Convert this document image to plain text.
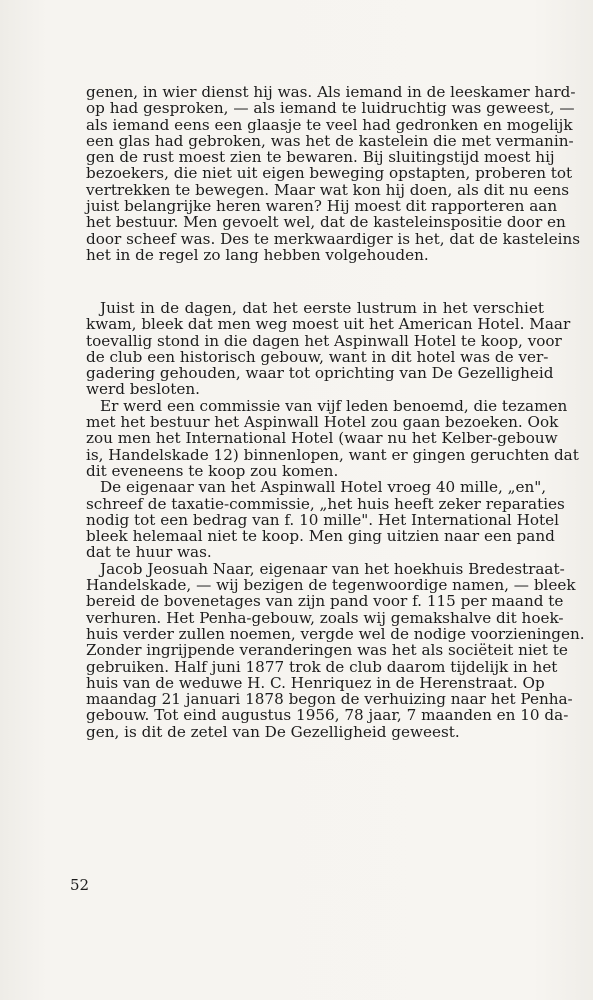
genen, in wier dienst hij was. Als iemand in de leeskamer hard-
op had gesproken, — als iemand te luidruchtig was geweest, —
als iemand eens een glaasje te veel had gedronken en mogelijk
een glas had gebroken, was het de kastelein die met vermanin-
gen de rust moest zien te bewaren. Bij sluitingstijd moest hij
bezoekers, die niet uit eigen beweging opstapten, proberen tot
vertrekken te bewegen. Maar wat kon hij doen, als dit nu eens
juist belangrijke heren waren? Hij moest dit rapporteren aan
het bestuur. Men gevoelt wel, dat de kasteleinspositie door en
door scheef was. Des te merkwaardiger is het, dat de kasteleins
het in de regel zo lang hebben volgehouden.
Juist in de dagen, dat het eerste lustrum in het verschiet
kwam, bleek dat men weg moest uit het American Hotel. Maar
toevallig stond in die dagen het Aspinwall Hotel te koop, voor
de club een historisch gebouw, want in dit hotel was de ver-
gadering gehouden, waar tot oprichting van De Gezelligheid
werd besloten.
Er werd een commissie van vijf leden benoemd, die tezamen
met het bestuur het Aspinwall Hotel zou gaan bezoeken. Ook
zou men het International Hotel (waar nu het Kelber-gebouw
is, Handelskade 12) binnenlopen, want er gingen geruchten dat
dit eveneens te koop zou komen.
De eigenaar van het Aspinwall Hotel vroeg 40 mille, „en",
schreef de taxatie-commissie, „het huis heeft zeker reparaties
nodig tot een bedrag van f. 10 mille". Het International Hotel
bleek helemaal niet te koop. Men ging uitzien naar een pand
dat te huur was.
Jacob Jeosuah Naar, eigenaar van het hoekhuis Bredestraat-
Handelskade, — wij bezigen de tegenwoordige namen, — bleek
bereid de bovenetages van zijn pand voor f. 115 per maand te
verhuren. Het Penha-gebouw, zoals wij gemakshalve dit hoek-
huis verder zullen noemen, vergde wel de nodige voorzieningen.
Zonder ingrijpende veranderingen was het als sociëteit niet te
gebruiken. Half juni 1877 trok de club daarom tijdelijk in het
huis van de weduwe H. C. Henriquez in de Herenstraat. Op
maandag 21 januari 1878 begon de verhuizing naar het Penha-
gebouw. Tot eind augustus 1956, 78 jaar, 7 maanden en 10 da-
gen, is dit de zetel van De Gezelligheid geweest.
52
